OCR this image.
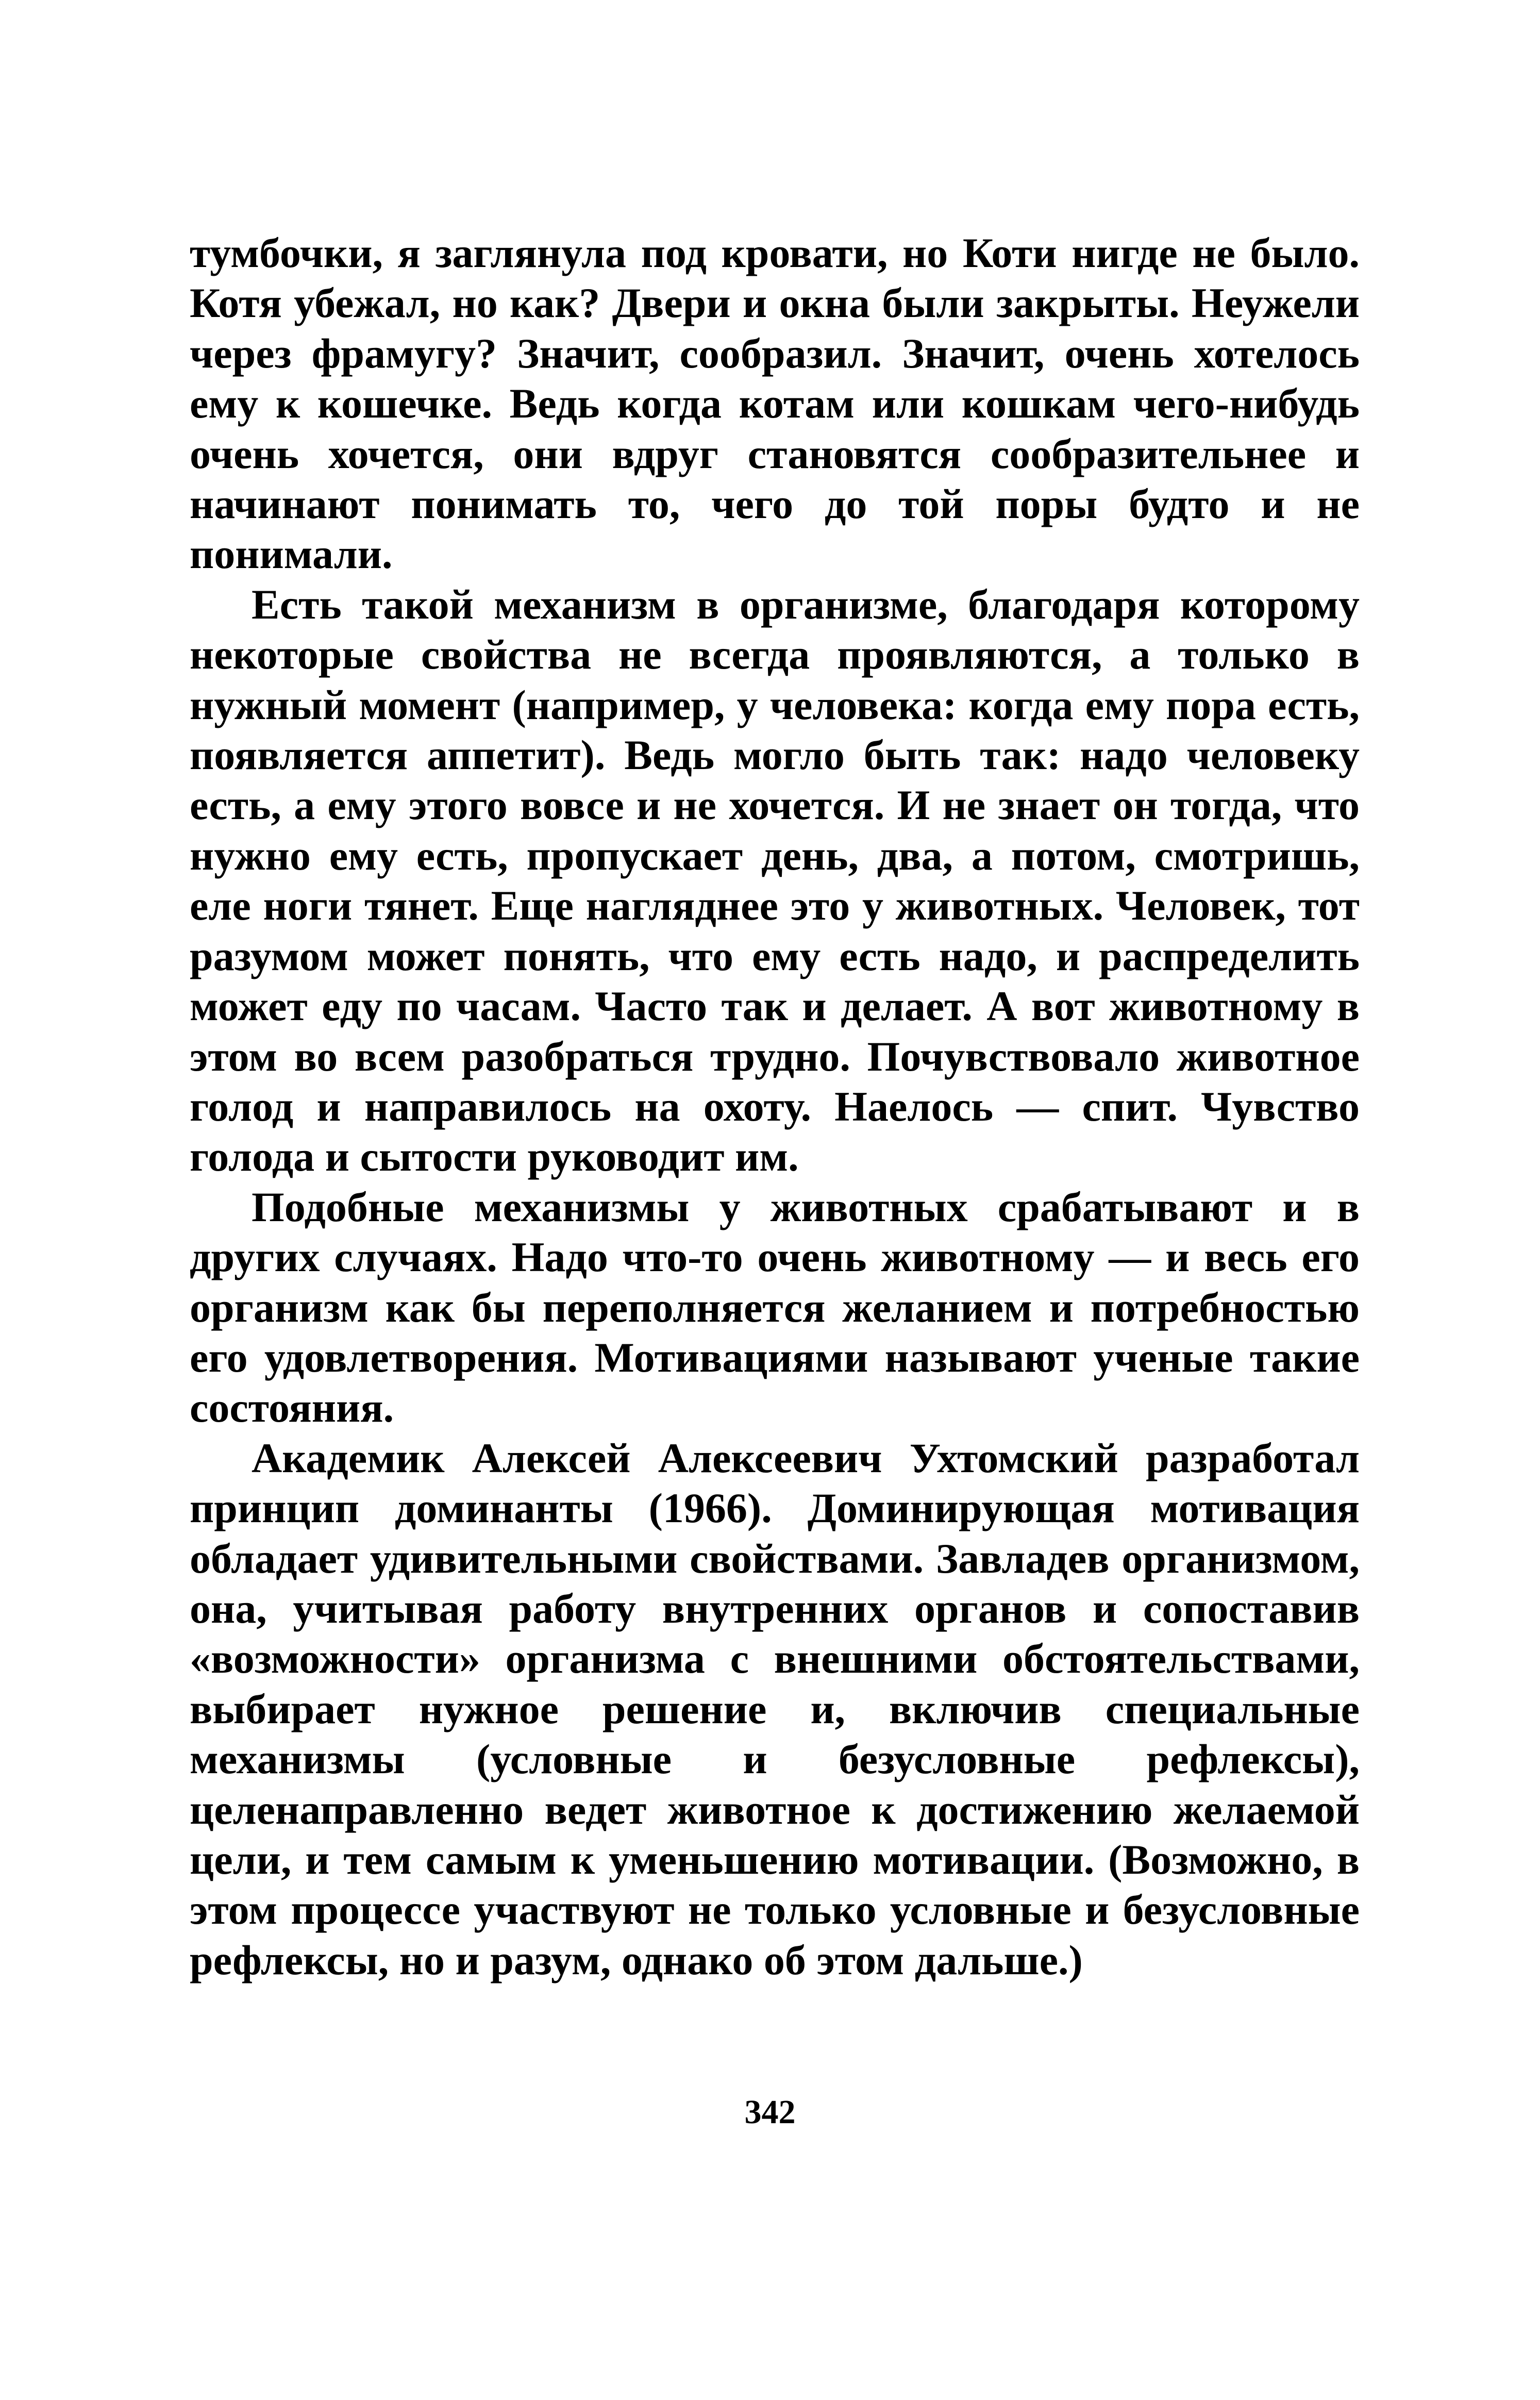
тумбочки, я заглянула под кровати, но Коти нигде не было. Котя убежал, но как? Двери и окна были закрыты. Неужели через фрамугу? Значит, сообразил. Значит, очень хотелось ему к кошечке. Ведь когда котам или кошкам чего-нибудь очень хочется, они вдруг становятся сообразительнее и начинают понимать то, чего до той поры будто и не понимали.

Есть такой механизм в организме, благодаря которому некоторые свойства не всегда проявляются, а только в нужный момент (например, у человека: когда ему пора есть, появляется аппетит). Ведь могло быть так: надо человеку есть, а ему этого вовсе и не хочется. И не знает он тогда, что нужно ему есть, пропускает день, два, а потом, смотришь, еле ноги тянет. Еще нагляднее это у животных. Человек, тот разумом может понять, что ему есть надо, и распределить может еду по часам. Часто так и делает. А вот животному в этом во всем разобраться трудно. Почувствовало животное голод и направилось на охоту. Наелось — спит. Чувство голода и сытости руководит им.

Подобные механизмы у животных срабатывают и в других случаях. Надо что-то очень животному — и весь его организм как бы переполняется желанием и потребностью его удовлетворения. Мотивациями называют ученые такие состояния.

Академик Алексей Алексеевич Ухтомский разработал принцип доминанты (1966). Доминирующая мотивация обладает удивительными свойствами. Завладев организмом, она, учитывая работу внутренних органов и сопоставив «возможности» организма с внешними обстоятельствами, выбирает нужное решение и, включив специальные механизмы (условные и безусловные рефлексы), целенаправленно ведет животное к достижению желаемой цели, и тем самым к уменьшению мотивации. (Возможно, в этом процессе участвуют не только условные и безусловные рефлексы, но и разум, однако об этом дальше.)

342
